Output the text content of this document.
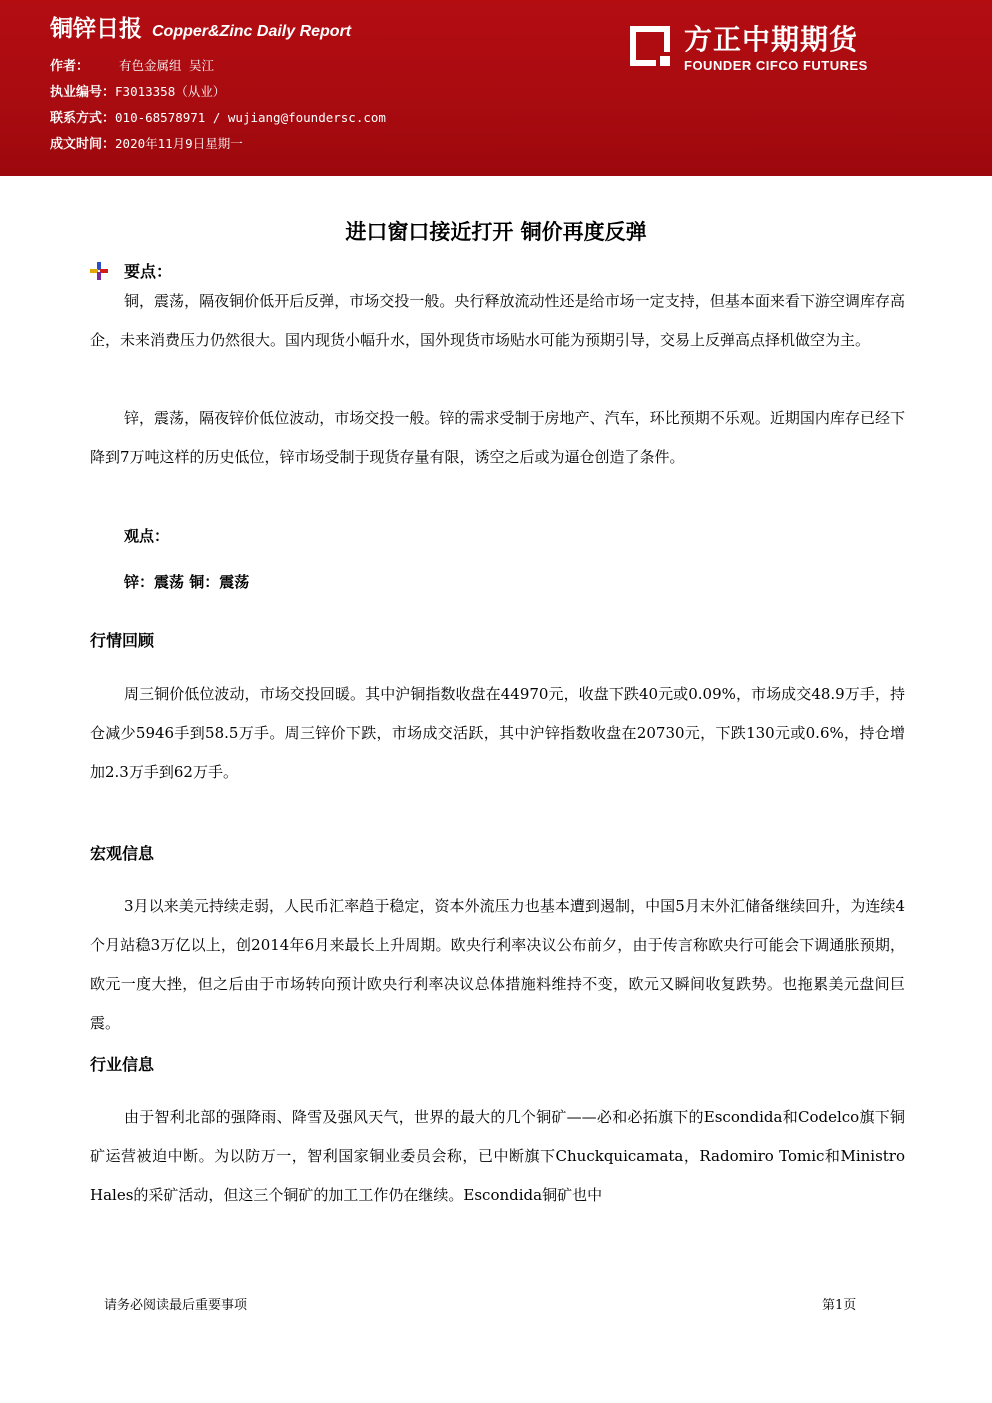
铜锌日报 Copper&Zinc Daily Report
作者： 有色金属组 吴江
执业编号：F3013358（从业）
联系方式：010-68578971 / wujiang@foundersc.com
成文时间：2020年11月9日星期一
方正中期期货
FOUNDER CIFCO FUTURES
进口窗口接近打开 铜价再度反弹
要点：

铜，震荡，隔夜铜价低开后反弹，市场交投一般。央行释放流动性还是给市场一定支持，但基本面来看下游空调库存高企，未来消费压力仍然很大。国内现货小幅升水，国外现货市场贴水可能为预期引导，交易上反弹高点择机做空为主。

锌，震荡，隔夜锌价低位波动，市场交投一般。锌的需求受制于房地产、汽车，环比预期不乐观。近期国内库存已经下降到7万吨这样的历史低位，锌市场受制于现货存量有限，诱空之后或为逼仓创造了条件。

观点：
锌：震荡 铜：震荡
行情回顾

周三铜价低位波动，市场交投回暖。其中沪铜指数收盘在44970元，收盘下跌40元或0.09%，市场成交48.9万手，持仓减少5946手到58.5万手。周三锌价下跌，市场成交活跃，其中沪锌指数收盘在20730元，下跌130元或0.6%，持仓增加2.3万手到62万手。

宏观信息

3月以来美元持续走弱，人民币汇率趋于稳定，资本外流压力也基本遭到遏制，中国5月末外汇储备继续回升，为连续4个月站稳3万亿以上，创2014年6月来最长上升周期。欧央行利率决议公布前夕，由于传言称欧央行可能会下调通胀预期，欧元一度大挫，但之后由于市场转向预计欧央行利率决议总体措施料维持不变，欧元又瞬间收复跌势。也拖累美元盘间巨震。

行业信息

由于智利北部的强降雨、降雪及强风天气，世界的最大的几个铜矿——必和必拓旗下的Escondida和Codelco旗下铜矿运营被迫中断。为以防万一，智利国家铜业委员会称，已中断旗下Chuckquicamata，Radomiro Tomic和Ministro Hales的采矿活动，但这三个铜矿的加工工作仍在继续。Escondida铜矿也中

请务必阅读最后重要事项	第1页
